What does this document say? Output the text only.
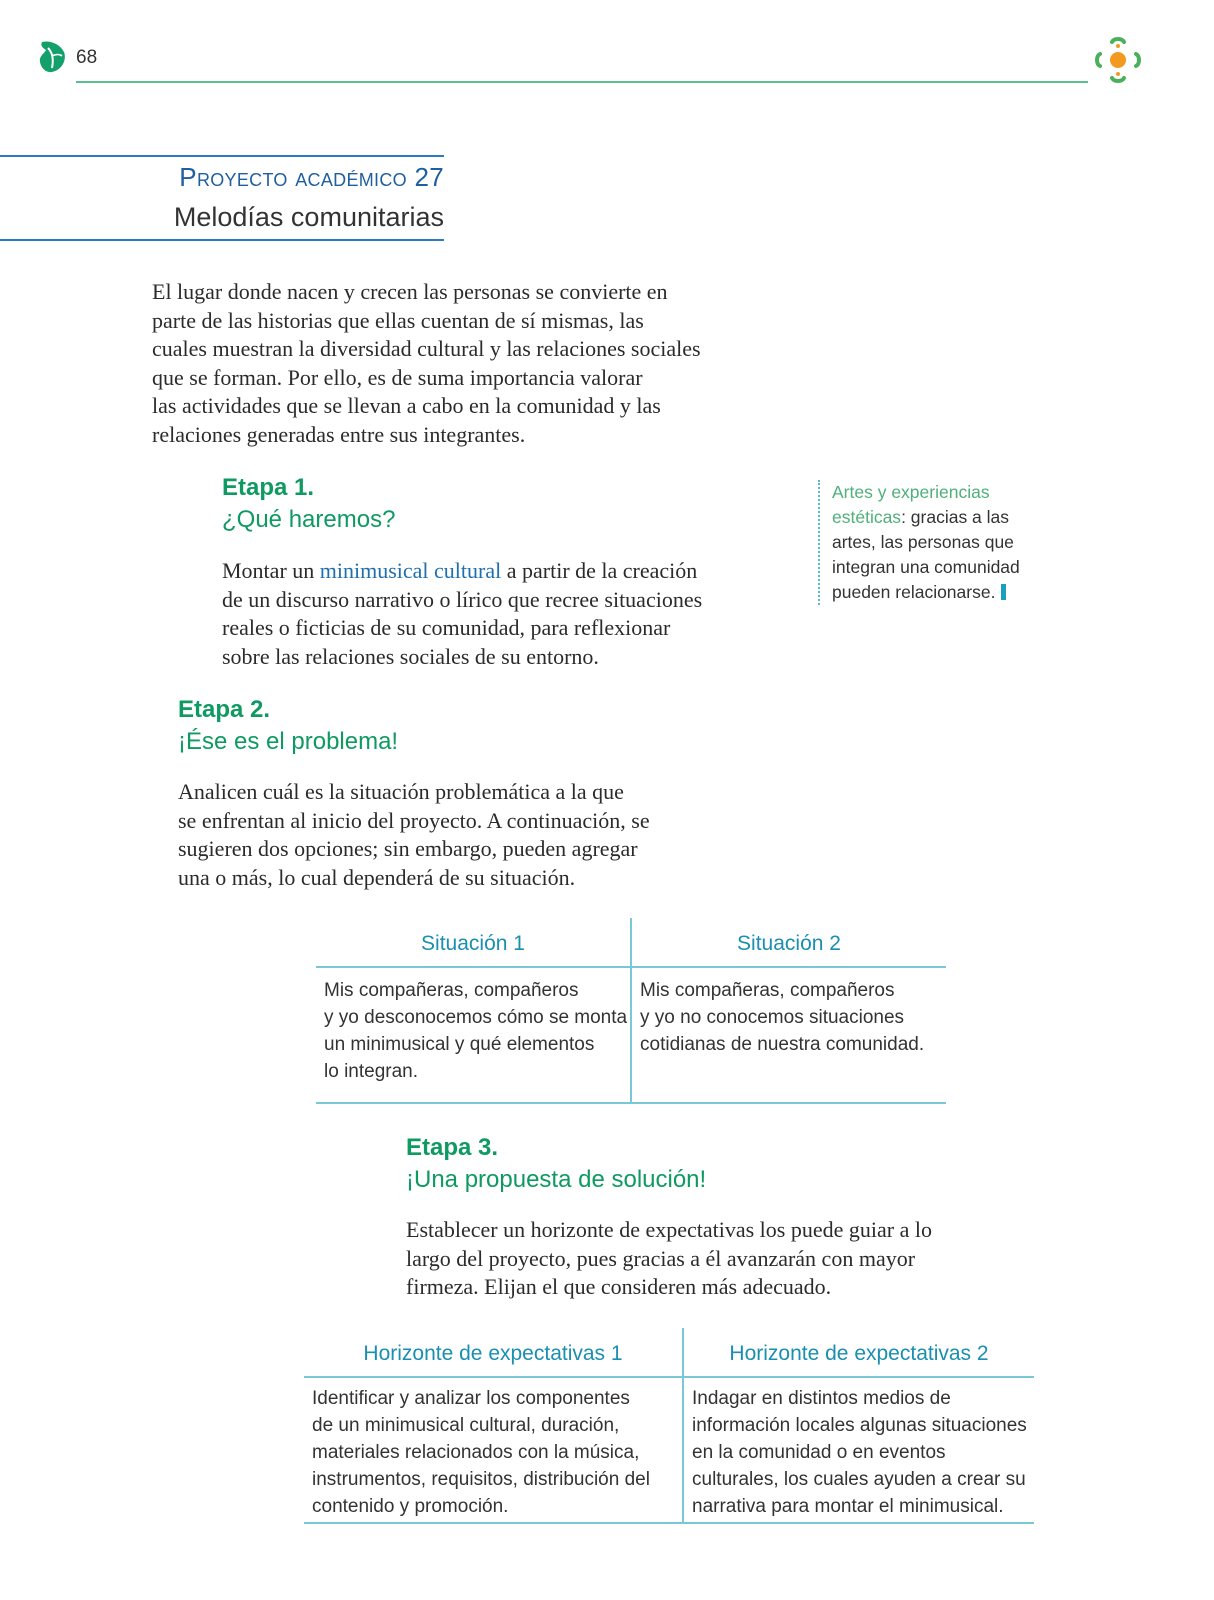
68
Proyecto académico 27
Melodías comunitarias

El lugar donde nacen y crecen las personas se convierte en
parte de las historias que ellas cuentan de sí mismas, las
cuales muestran la diversidad cultural y las relaciones sociales
que se forman. Por ello, es de suma importancia valorar
las actividades que se llevan a cabo en la comunidad y las
relaciones generadas entre sus integrantes.

Etapa 1.
¿Qué haremos?

Montar un minimusical cultural a partir de la creación
de un discurso narrativo o lírico que recree situaciones
reales o ficticias de su comunidad, para reflexionar
sobre las relaciones sociales de su entorno.

Artes y experiencias
estéticas: gracias a las
artes, las personas que
integran una comunidad
pueden relacionarse.
Etapa 2.
¡Ése es el problema!

Analicen cuál es la situación problemática a la que
se enfrentan al inicio del proyecto. A continuación, se
sugieren dos opciones; sin embargo, pueden agregar
una o más, lo cual dependerá de su situación.

Situación 1
Mis compañeras, compañeros
y yo desconocemos cómo se monta
un minimusical y qué elementos
lo integran.
Situación 2
Mis compañeras, compañeros
y yo no conocemos situaciones
cotidianas de nuestra comunidad.
Etapa 3.
¡Una propuesta de solución!

Establecer un horizonte de expectativas los puede guiar a lo
largo del proyecto, pues gracias a él avanzarán con mayor
firmeza. Elijan el que consideren más adecuado.

Horizonte de expectativas 1
Identificar y analizar los componentes
de un minimusical cultural, duración,
materiales relacionados con la música,
instrumentos, requisitos, distribución del
contenido y promoción.
Horizonte de expectativas 2
Indagar en distintos medios de
información locales algunas situaciones
en la comunidad o en eventos
culturales, los cuales ayuden a crear su
narrativa para montar el minimusical.
